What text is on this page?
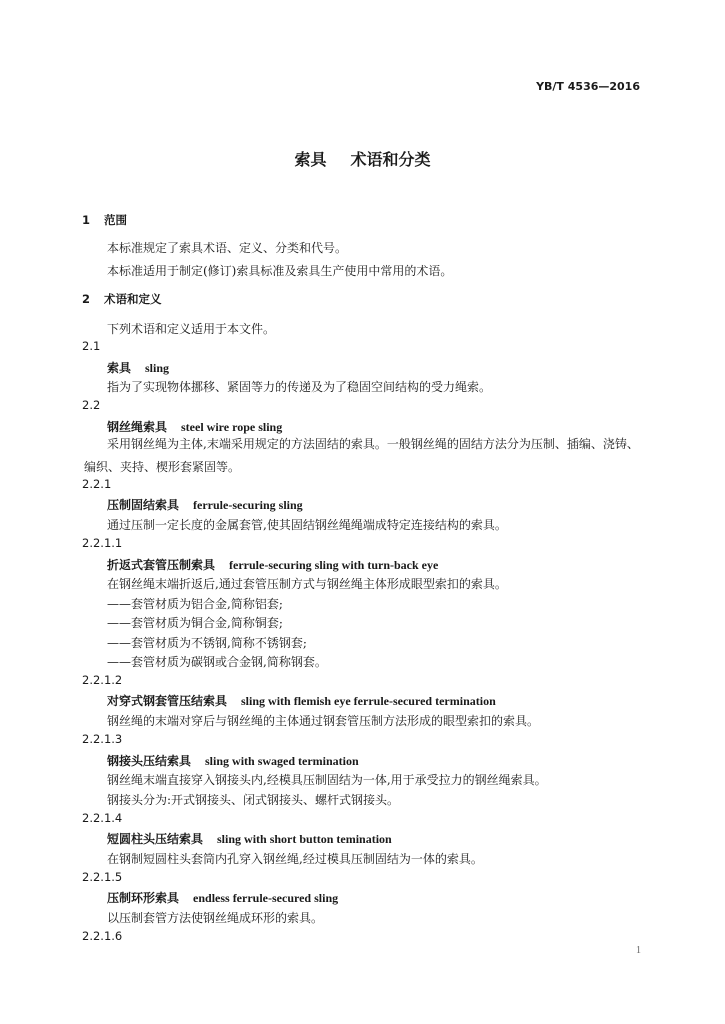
YB/T 4536—2016
索具 术语和分类
1 范围
本标准规定了索具术语、定义、分类和代号。
本标准适用于制定(修订)索具标准及索具生产使用中常用的术语。
2 术语和定义
下列术语和定义适用于本文件。
2.1
索具 sling
指为了实现物体挪移、紧固等力的传递及为了稳固空间结构的受力绳索。
2.2
钢丝绳索具 steel wire rope sling
采用钢丝绳为主体,末端采用规定的方法固结的索具。一般钢丝绳的固结方法分为压制、插编、浇铸、编织、夹持、楔形套紧固等。
2.2.1
压制固结索具 ferrule-securing sling
通过压制一定长度的金属套管,使其固结钢丝绳绳端成特定连接结构的索具。
2.2.1.1
折返式套管压制索具 ferrule-securing sling with turn-back eye
在钢丝绳末端折返后,通过套管压制方式与钢丝绳主体形成眼型索扣的索具。
——套管材质为铝合金,简称铝套;
——套管材质为铜合金,简称铜套;
——套管材质为不锈钢,简称不锈钢套;
——套管材质为碳钢或合金钢,简称钢套。
2.2.1.2
对穿式钢套管压结索具 sling with flemish eye ferrule-secured termination
钢丝绳的末端对穿后与钢丝绳的主体通过钢套管压制方法形成的眼型索扣的索具。
2.2.1.3
钢接头压结索具 sling with swaged termination
钢丝绳末端直接穿入钢接头内,经模具压制固结为一体,用于承受拉力的钢丝绳索具。
钢接头分为:开式钢接头、闭式钢接头、螺杆式钢接头。
2.2.1.4
短圆柱头压结索具 sling with short button temination
在钢制短圆柱头套筒内孔穿入钢丝绳,经过模具压制固结为一体的索具。
2.2.1.5
压制环形索具 endless ferrule-secured sling
以压制套管方法使钢丝绳成环形的索具。
2.2.1.6
1
